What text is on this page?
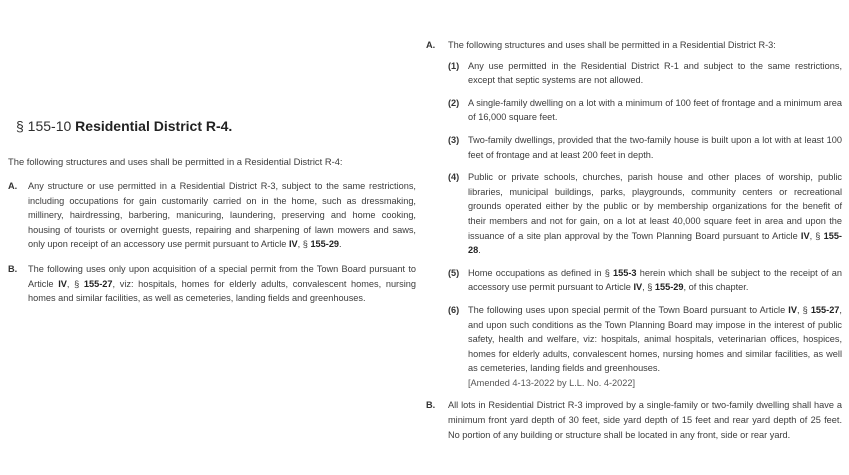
§ 155-10 Residential District R-4.

The following structures and uses shall be permitted in a Residential District R-4:

A. Any structure or use permitted in a Residential District R-3, subject to the same restrictions, including occupations for gain customarily carried on in the home, such as dressmaking, millinery, hairdressing, barbering, manicuring, laundering, preserving and home cooking, housing of tourists or overnight guests, repairing and sharpening of lawn mowers and saws, only upon receipt of an accessory use permit pursuant to Article IV, § 155-29.
B. The following uses only upon acquisition of a special permit from the Town Board pursuant to Article IV, § 155-27, viz: hospitals, homes for elderly adults, convalescent homes, nursing homes and similar facilities, as well as cemeteries, landing fields and greenhouses.
A. The following structures and uses shall be permitted in a Residential District R-3:
(1) Any use permitted in the Residential District R-1 and subject to the same restrictions, except that septic systems are not allowed.
(2) A single-family dwelling on a lot with a minimum of 100 feet of frontage and a minimum area of 16,000 square feet.
(3) Two-family dwellings, provided that the two-family house is built upon a lot with at least 100 feet of frontage and at least 200 feet in depth.
(4) Public or private schools, churches, parish house and other places of worship, public libraries, municipal buildings, parks, playgrounds, community centers or recreational grounds operated either by the public or by membership organizations for the benefit of their members and not for gain, on a lot at least 40,000 square feet in area and upon the issuance of a site plan approval by the Town Planning Board pursuant to Article IV, § 155-28.
(5) Home occupations as defined in § 155-3 herein which shall be subject to the receipt of an accessory use permit pursuant to Article IV, § 155-29, of this chapter.
(6) The following uses upon special permit of the Town Board pursuant to Article IV, § 155-27, and upon such conditions as the Town Planning Board may impose in the interest of public safety, health and welfare, viz: hospitals, animal hospitals, veterinarian offices, hospices, homes for elderly adults, convalescent homes, nursing homes and similar facilities, as well as cemeteries, landing fields and greenhouses.
[Amended 4-13-2022 by L.L. No. 4-2022]
B. All lots in Residential District R-3 improved by a single-family or two-family dwelling shall have a minimum front yard depth of 30 feet, side yard depth of 15 feet and rear yard depth of 25 feet. No portion of any building or structure shall be located in any front, side or rear yard.
